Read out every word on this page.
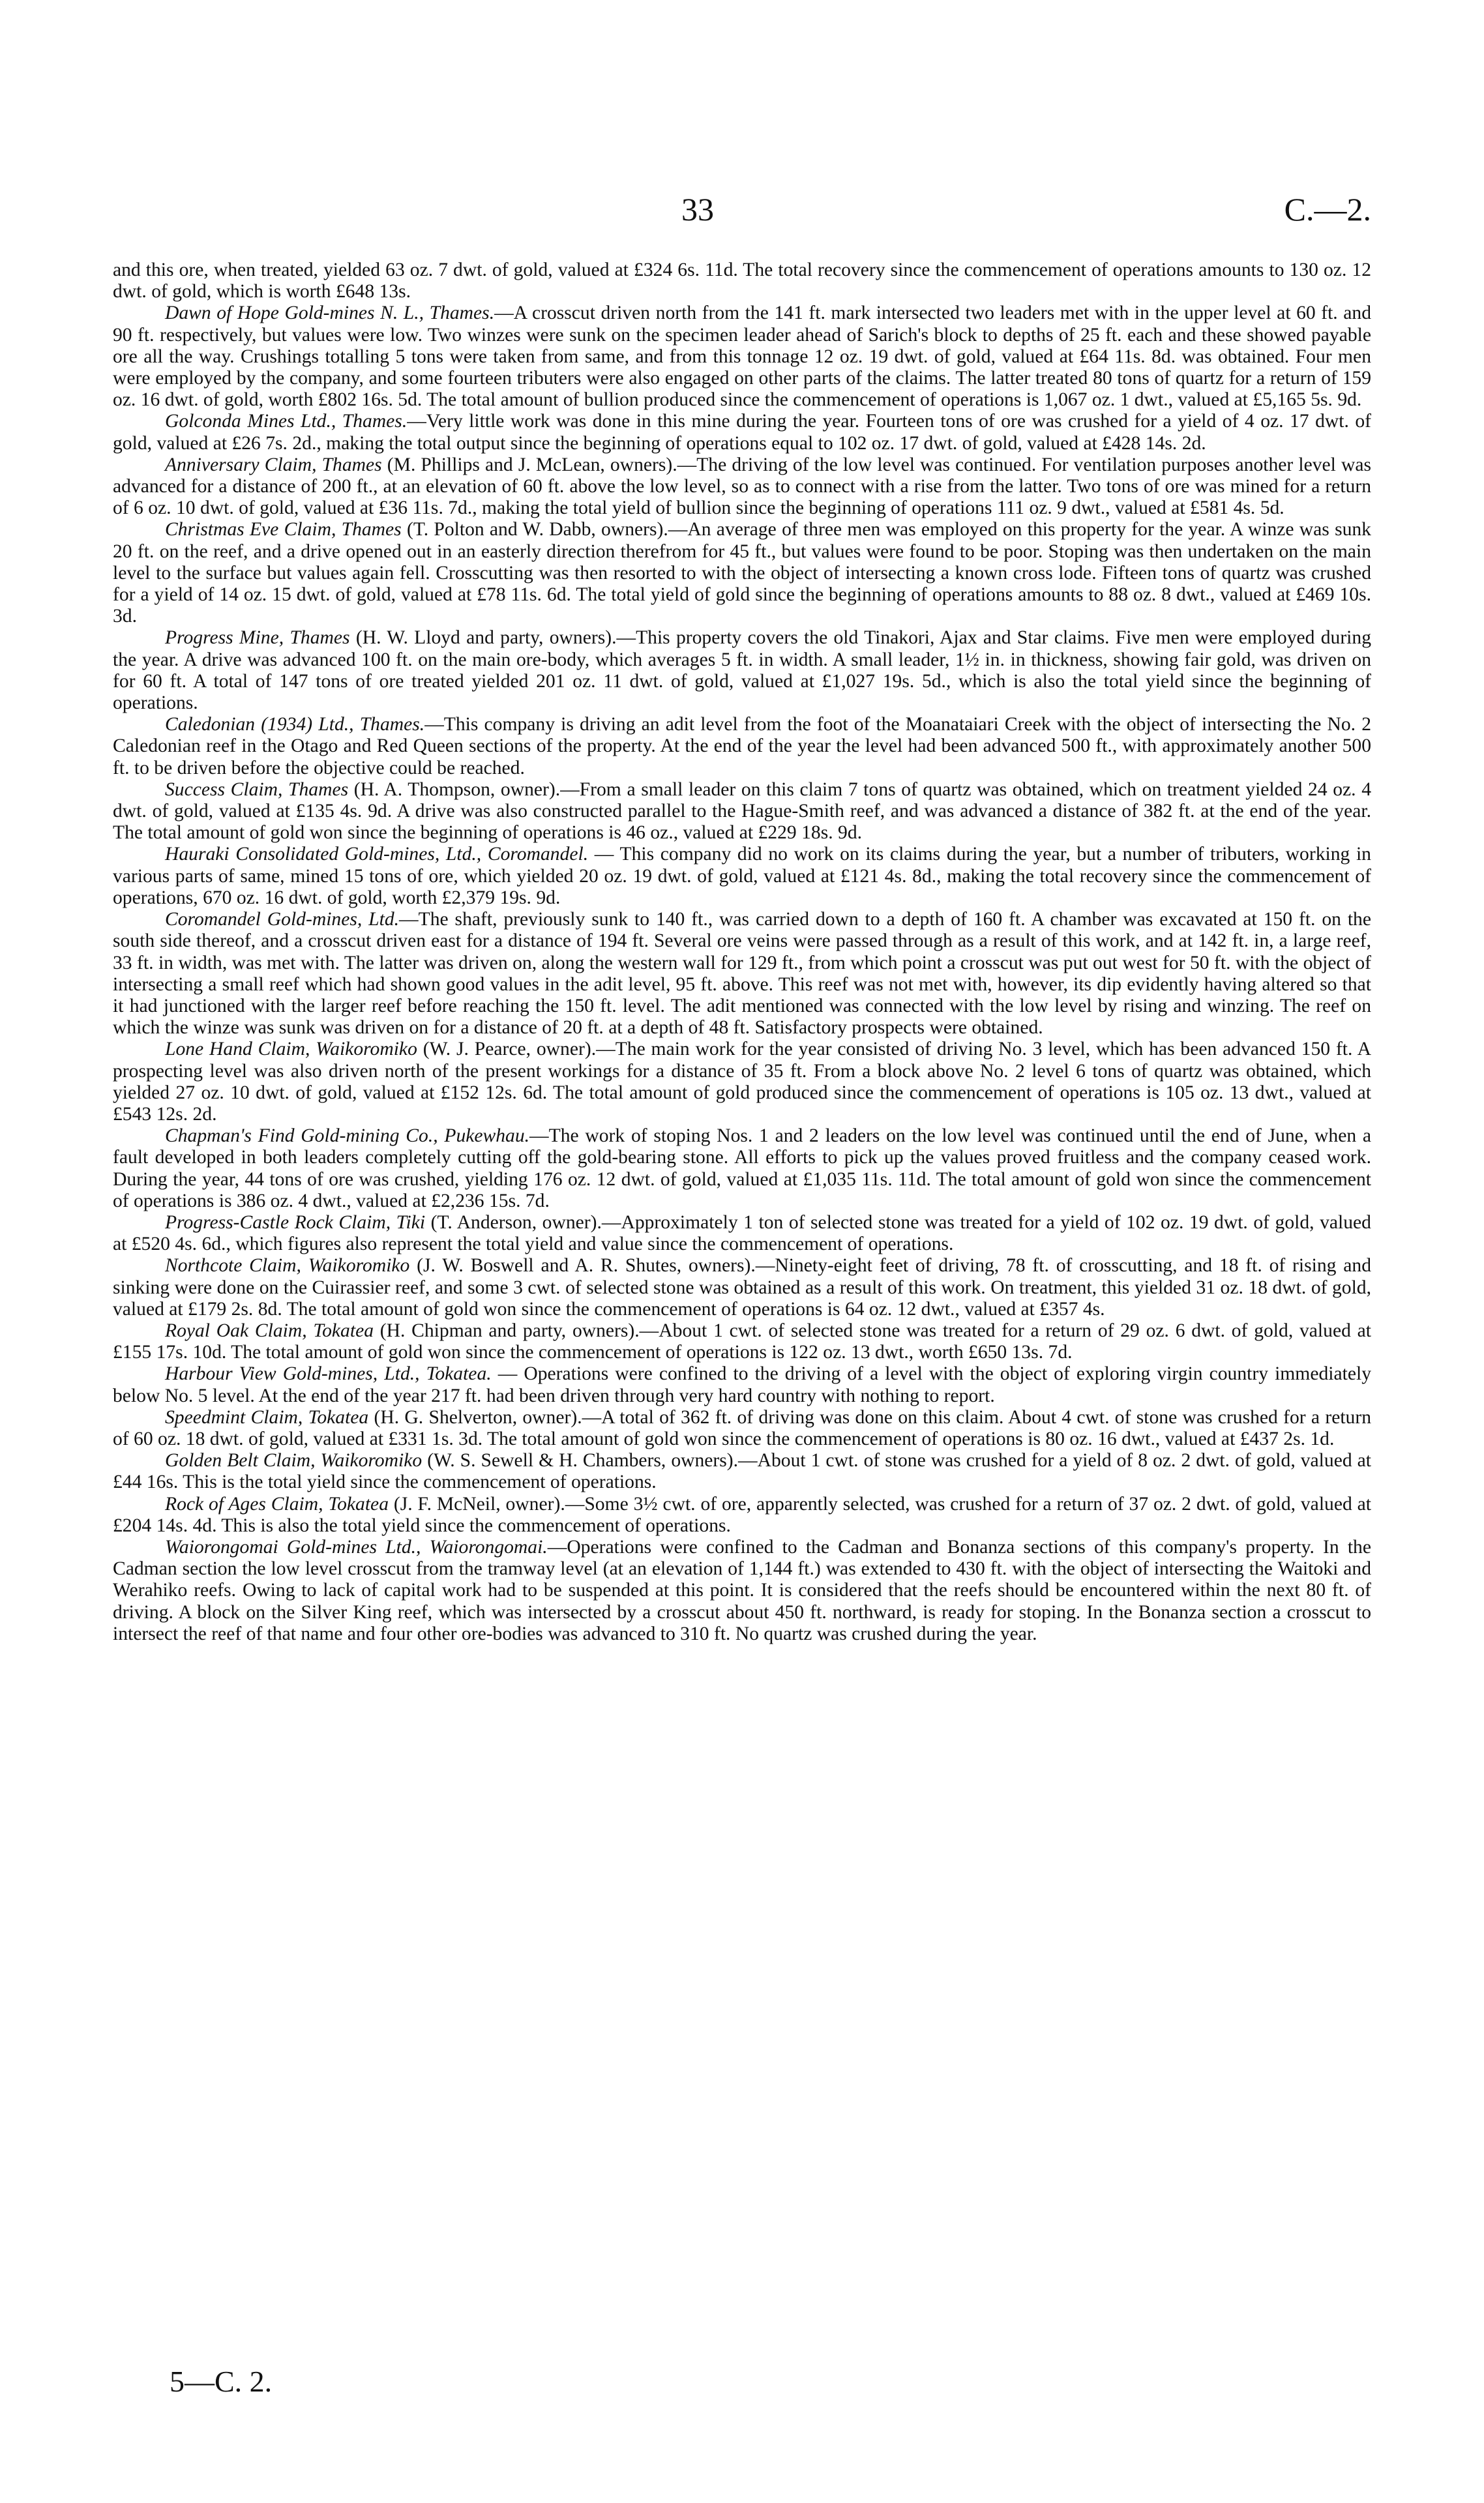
33	C.—2.

and this ore, when treated, yielded 63 oz. 7 dwt. of gold, valued at £324 6s. 11d. The total recovery since the commencement of operations amounts to 130 oz. 12 dwt. of gold, which is worth £648 13s.

Dawn of Hope Gold-mines N. L., Thames.—A crosscut driven north from the 141 ft. mark intersected two leaders met with in the upper level at 60 ft. and 90 ft. respectively, but values were low. Two winzes were sunk on the specimen leader ahead of Sarich's block to depths of 25 ft. each and these showed payable ore all the way. Crushings totalling 5 tons were taken from same, and from this tonnage 12 oz. 19 dwt. of gold, valued at £64 11s. 8d. was obtained. Four men were employed by the company, and some fourteen tributers were also engaged on other parts of the claims. The latter treated 80 tons of quartz for a return of 159 oz. 16 dwt. of gold, worth £802 16s. 5d. The total amount of bullion produced since the commencement of operations is 1,067 oz. 1 dwt., valued at £5,165 5s. 9d.

Golconda Mines Ltd., Thames.—Very little work was done in this mine during the year. Fourteen tons of ore was crushed for a yield of 4 oz. 17 dwt. of gold, valued at £26 7s. 2d., making the total output since the beginning of operations equal to 102 oz. 17 dwt. of gold, valued at £428 14s. 2d.

Anniversary Claim, Thames (M. Phillips and J. McLean, owners).—The driving of the low level was continued. For ventilation purposes another level was advanced for a distance of 200 ft., at an elevation of 60 ft. above the low level, so as to connect with a rise from the latter. Two tons of ore was mined for a return of 6 oz. 10 dwt. of gold, valued at £36 11s. 7d., making the total yield of bullion since the beginning of operations 111 oz. 9 dwt., valued at £581 4s. 5d.

Christmas Eve Claim, Thames (T. Polton and W. Dabb, owners).—An average of three men was employed on this property for the year. A winze was sunk 20 ft. on the reef, and a drive opened out in an easterly direction therefrom for 45 ft., but values were found to be poor. Stoping was then undertaken on the main level to the surface but values again fell. Crosscutting was then resorted to with the object of intersecting a known cross lode. Fifteen tons of quartz was crushed for a yield of 14 oz. 15 dwt. of gold, valued at £78 11s. 6d. The total yield of gold since the beginning of operations amounts to 88 oz. 8 dwt., valued at £469 10s. 3d.

Progress Mine, Thames (H. W. Lloyd and party, owners).—This property covers the old Tinakori, Ajax and Star claims. Five men were employed during the year. A drive was advanced 100 ft. on the main ore-body, which averages 5 ft. in width. A small leader, 1½ in. in thickness, showing fair gold, was driven on for 60 ft. A total of 147 tons of ore treated yielded 201 oz. 11 dwt. of gold, valued at £1,027 19s. 5d., which is also the total yield since the beginning of operations.

Caledonian (1934) Ltd., Thames.—This company is driving an adit level from the foot of the Moanataiari Creek with the object of intersecting the No. 2 Caledonian reef in the Otago and Red Queen sections of the property. At the end of the year the level had been advanced 500 ft., with approximately another 500 ft. to be driven before the objective could be reached.

Success Claim, Thames (H. A. Thompson, owner).—From a small leader on this claim 7 tons of quartz was obtained, which on treatment yielded 24 oz. 4 dwt. of gold, valued at £135 4s. 9d. A drive was also constructed parallel to the Hague-Smith reef, and was advanced a distance of 382 ft. at the end of the year. The total amount of gold won since the beginning of operations is 46 oz., valued at £229 18s. 9d.

Hauraki Consolidated Gold-mines, Ltd., Coromandel. — This company did no work on its claims during the year, but a number of tributers, working in various parts of same, mined 15 tons of ore, which yielded 20 oz. 19 dwt. of gold, valued at £121 4s. 8d., making the total recovery since the commencement of operations, 670 oz. 16 dwt. of gold, worth £2,379 19s. 9d.

Coromandel Gold-mines, Ltd.—The shaft, previously sunk to 140 ft., was carried down to a depth of 160 ft. A chamber was excavated at 150 ft. on the south side thereof, and a crosscut driven east for a distance of 194 ft. Several ore veins were passed through as a result of this work, and at 142 ft. in, a large reef, 33 ft. in width, was met with. The latter was driven on, along the western wall for 129 ft., from which point a crosscut was put out west for 50 ft. with the object of intersecting a small reef which had shown good values in the adit level, 95 ft. above. This reef was not met with, however, its dip evidently having altered so that it had junctioned with the larger reef before reaching the 150 ft. level. The adit mentioned was connected with the low level by rising and winzing. The reef on which the winze was sunk was driven on for a distance of 20 ft. at a depth of 48 ft. Satisfactory prospects were obtained.

Lone Hand Claim, Waikoromiko (W. J. Pearce, owner).—The main work for the year consisted of driving No. 3 level, which has been advanced 150 ft. A prospecting level was also driven north of the present workings for a distance of 35 ft. From a block above No. 2 level 6 tons of quartz was obtained, which yielded 27 oz. 10 dwt. of gold, valued at £152 12s. 6d. The total amount of gold produced since the commencement of operations is 105 oz. 13 dwt., valued at £543 12s. 2d.

Chapman's Find Gold-mining Co., Pukewhau.—The work of stoping Nos. 1 and 2 leaders on the low level was continued until the end of June, when a fault developed in both leaders completely cutting off the gold-bearing stone. All efforts to pick up the values proved fruitless and the company ceased work. During the year, 44 tons of ore was crushed, yielding 176 oz. 12 dwt. of gold, valued at £1,035 11s. 11d. The total amount of gold won since the commencement of operations is 386 oz. 4 dwt., valued at £2,236 15s. 7d.

Progress-Castle Rock Claim, Tiki (T. Anderson, owner).—Approximately 1 ton of selected stone was treated for a yield of 102 oz. 19 dwt. of gold, valued at £520 4s. 6d., which figures also represent the total yield and value since the commencement of operations.

Northcote Claim, Waikoromiko (J. W. Boswell and A. R. Shutes, owners).—Ninety-eight feet of driving, 78 ft. of crosscutting, and 18 ft. of rising and sinking were done on the Cuirassier reef, and some 3 cwt. of selected stone was obtained as a result of this work. On treatment, this yielded 31 oz. 18 dwt. of gold, valued at £179 2s. 8d. The total amount of gold won since the commencement of operations is 64 oz. 12 dwt., valued at £357 4s.

Royal Oak Claim, Tokatea (H. Chipman and party, owners).—About 1 cwt. of selected stone was treated for a return of 29 oz. 6 dwt. of gold, valued at £155 17s. 10d. The total amount of gold won since the commencement of operations is 122 oz. 13 dwt., worth £650 13s. 7d.

Harbour View Gold-mines, Ltd., Tokatea. — Operations were confined to the driving of a level with the object of exploring virgin country immediately below No. 5 level. At the end of the year 217 ft. had been driven through very hard country with nothing to report.

Speedmint Claim, Tokatea (H. G. Shelverton, owner).—A total of 362 ft. of driving was done on this claim. About 4 cwt. of stone was crushed for a return of 60 oz. 18 dwt. of gold, valued at £331 1s. 3d. The total amount of gold won since the commencement of operations is 80 oz. 16 dwt., valued at £437 2s. 1d.

Golden Belt Claim, Waikoromiko (W. S. Sewell & H. Chambers, owners).—About 1 cwt. of stone was crushed for a yield of 8 oz. 2 dwt. of gold, valued at £44 16s. This is the total yield since the commencement of operations.

Rock of Ages Claim, Tokatea (J. F. McNeil, owner).—Some 3½ cwt. of ore, apparently selected, was crushed for a return of 37 oz. 2 dwt. of gold, valued at £204 14s. 4d. This is also the total yield since the commencement of operations.

Waiorongomai Gold-mines Ltd., Waiorongomai.—Operations were confined to the Cadman and Bonanza sections of this company's property. In the Cadman section the low level crosscut from the tramway level (at an elevation of 1,144 ft.) was extended to 430 ft. with the object of intersecting the Waitoki and Werahiko reefs. Owing to lack of capital work had to be suspended at this point. It is considered that the reefs should be encountered within the next 80 ft. of driving. A block on the Silver King reef, which was intersected by a crosscut about 450 ft. northward, is ready for stoping. In the Bonanza section a crosscut to intersect the reef of that name and four other ore-bodies was advanced to 310 ft. No quartz was crushed during the year.

5—C. 2.
